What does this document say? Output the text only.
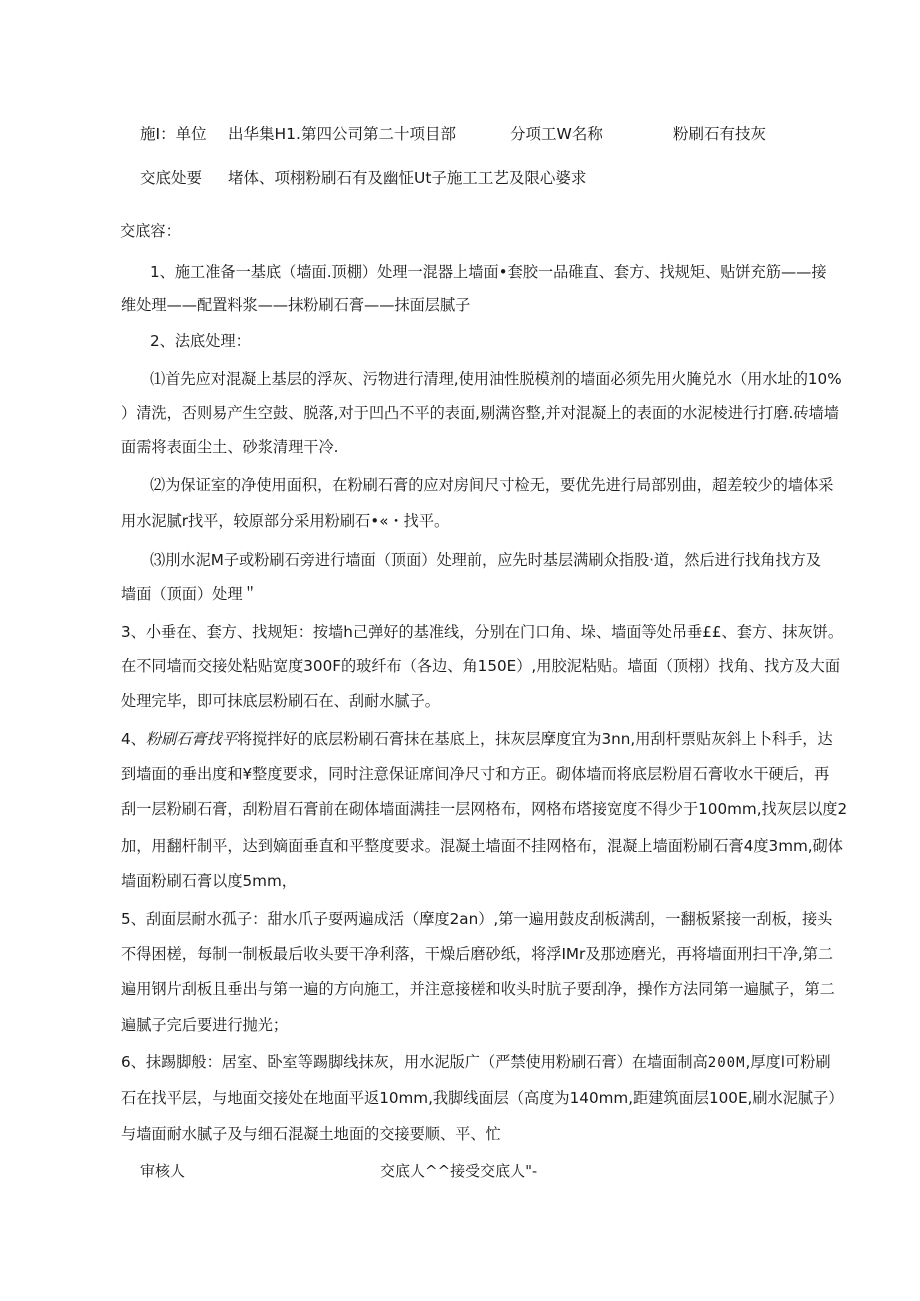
施I：单位 出华集H1.第四公司第二十项目部	分项工W名称	粉刷石有技灰
交底处要 堵体、项栩粉刷石有及幽怔Ut子施工工艺及限心婆求
交底容：
1、施工准备一基底（墙面.顶棚）处理一混器上墙面•套胶一品碓直、套方、找规矩、贴饼充筋——接
维处理——配置料浆——抹粉刷石膏——抹面层腻子
2、法底处理：
⑴首先应对混凝上基层的浮灰、污物进行清理,使用油性脱模剂的墙面必须先用火腌兑水（用水址的10%
）清洗，否则易产生空鼓、脱落,对于凹凸不平的表面,剔满咨整,并对混凝上的表面的水泥棱进行打磨.砖墙墙
面需将表面尘土、砂浆清理干冷.
⑵为保证室的净使用面积，在粉刷石膏的应对房间尺寸检无，要优先进行局部别曲，超差较少的墙体采
用水泥腻r找平，较原部分采用粉刷石•«・找平。
⑶刖水泥M子或粉刷石旁进行墙面（顶面）处理前，应先时基层满刷众指股·道，然后进行找角找方及
墙面（顶面）处理＂
3、小垂在、套方、找规矩：按墙h己弹好的基准线，分别在门口角、垛、墙面等处吊垂££、套方、抹灰饼。
在不同墙而交接处粘贴宽度300F的玻纤布（各边、角150E）,用胶泥粘贴。墙面（顶栩）找角、找方及大面
处理完毕，即可抹底层粉刷石在、刮耐水腻子。
4、粉刷石膏找平将搅拌好的底层粉刷石膏抹在基底上，抹灰层摩度宜为3nn,用刮杆票贴灰斜上卜科手，达
到墙面的垂出度和¥整度要求，同时注意保证席间净尺寸和方正。砌体墙而将底层粉眉石膏收水干硬后，再
刮一层粉刷石膏，刮粉眉石膏前在砌体墙面满挂一层网格布，网格布塔接宽度不得少于100mm,找灰层以度2
加，用翻杆制平，达到嫡面垂直和平整度要求。混凝土墙面不挂网格布，混凝上墙面粉刷石膏4度3mm,砌体
墙面粉刷石膏以度5mm，
5、刮面层耐水孤子：甜水爪子耍两遍成活（摩度2an）,第一遍用鼓皮刮板满刮，一翻板紧接一刮板，接头
不得困槎，每制一制板最后收头要干净利落，干燥后磨砂纸，将浮IMr及那迹磨光，再将墙面刑扫干净,第二
遍用钢片刮板且垂出与第一遍的方向施工，并注意接槎和收头时肮子要刮净，操作方法同第一遍腻子，第二
遍腻子完后要进行抛光；
6、抹踢脚般：居室、卧室等踢脚线抹灰，用水泥版广（严禁使用粉刷石膏）在墙面制高200M,厚度l可粉刷
石在找平层，与地面交接处在地面平返10mm,我脚线面层（高度为140mm,距建筑面层100E,刷水泥腻子）
与墙面耐水腻子及与细石混凝土地面的交接要顺、平、忙
审核人	交底人^^接受交底人"-
